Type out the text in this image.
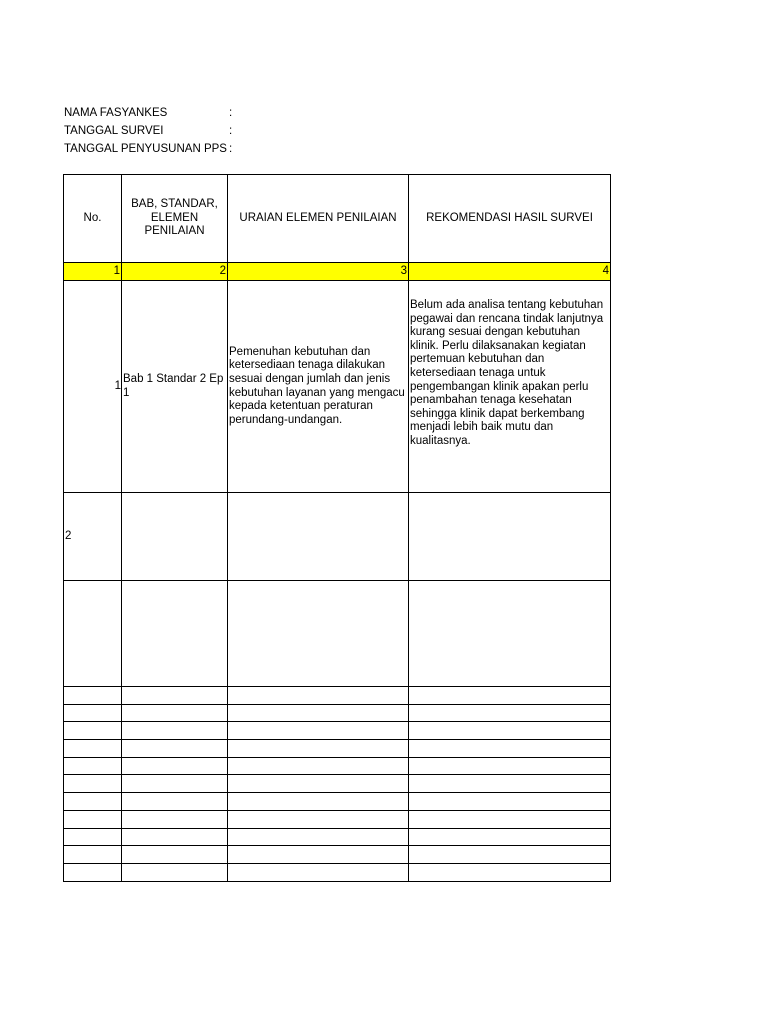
NAMA FASYANKES	:
TANGGAL SURVEI	:
TANGGAL PENYUSUNAN PPS :
No.	BAB, STANDAR, ELEMEN PENILAIAN	URAIAN ELEMEN PENILAIAN	REKOMENDASI HASIL SURVEI
1	2	3	4
1	Bab 1 Standar 2 Ep 1	Pemenuhan kebutuhan dan ketersediaan tenaga dilakukan sesuai dengan jumlah dan jenis kebutuhan layanan yang mengacu kepada ketentuan peraturan perundang-undangan.	Belum ada analisa tentang kebutuhan pegawai dan rencana tindak lanjutnya kurang sesuai dengan kebutuhan klinik. Perlu dilaksanakan kegiatan pertemuan kebutuhan dan ketersediaan tenaga untuk pengembangan klinik apakan perlu penambahan tenaga kesehatan sehingga klinik dapat berkembang menjadi lebih baik mutu dan kualitasnya.
2			
